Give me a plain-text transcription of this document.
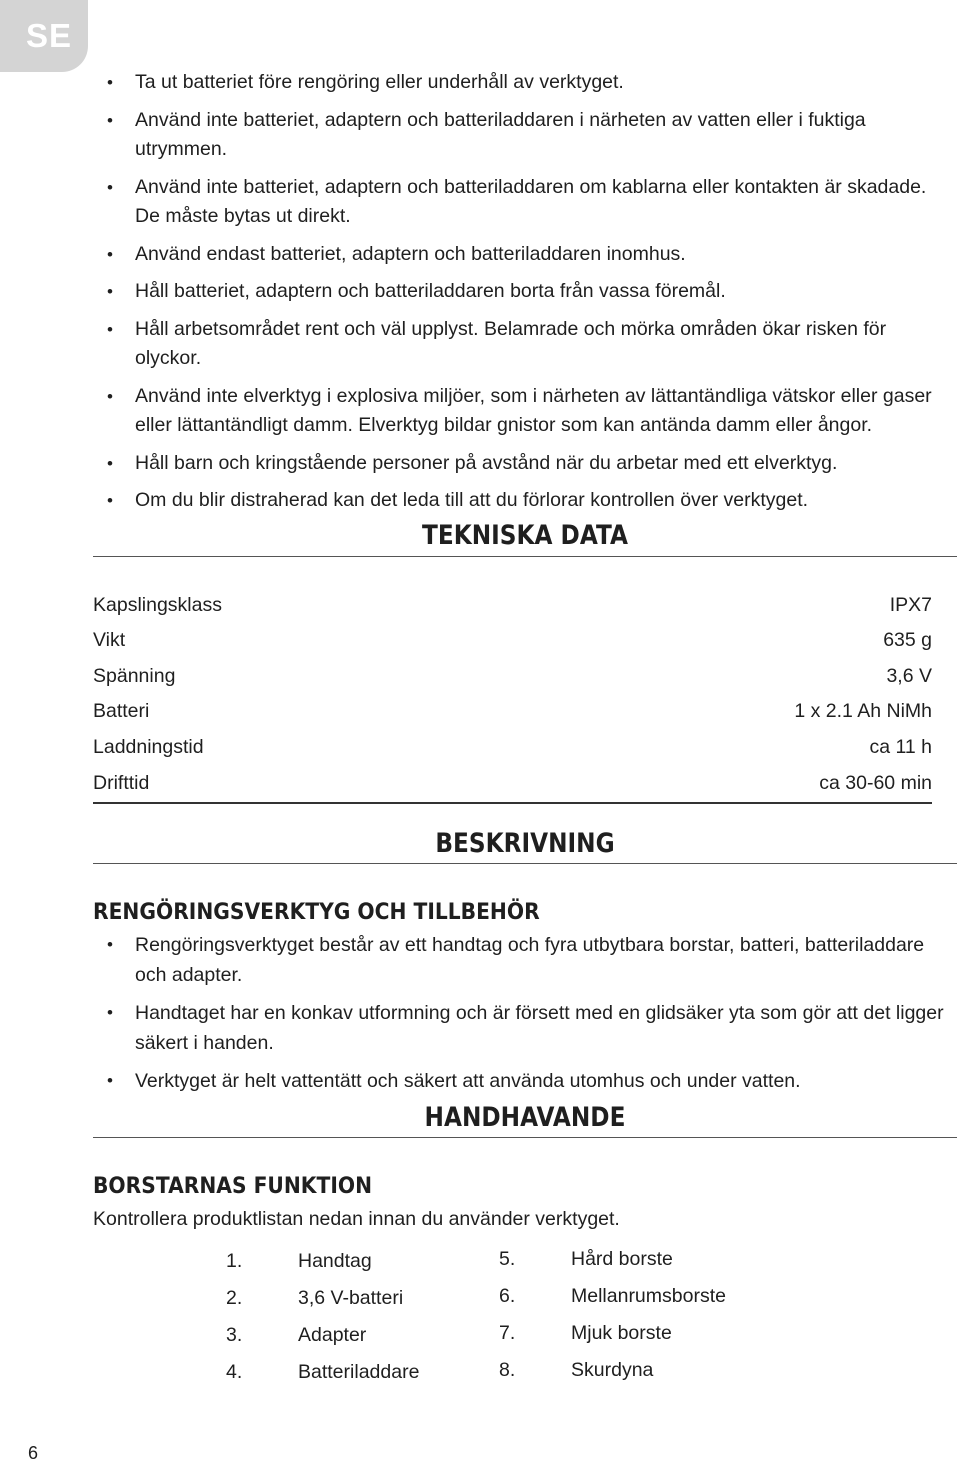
SE
• Ta ut batteriet före rengöring eller underhåll av verktyget.
• Använd inte batteriet, adaptern och batteriladdaren i närheten av vatten eller i fuktiga utrymmen.
• Använd inte batteriet, adaptern och batteriladdaren om kablarna eller kontakten är skadade. De måste bytas ut direkt.
• Använd endast batteriet, adaptern och batteriladdaren inomhus.
• Håll batteriet, adaptern och batteriladdaren borta från vassa föremål.
• Håll arbetsområdet rent och väl upplyst. Belamrade och mörka områden ökar risken för olyckor.
• Använd inte elverktyg i explosiva miljöer, som i närheten av lättantändliga vätskor eller gaser eller lättantändligt damm. Elverktyg bildar gnistor som kan antända damm eller ångor.
• Håll barn och kringstående personer på avstånd när du arbetar med ett elverktyg.
• Om du blir distraherad kan det leda till att du förlorar kontrollen över verktyget.
TEKNISKA DATA
Kapslingsklass	IPX7
Vikt	635 g
Spänning	3,6 V
Batteri	1 x 2.1 Ah NiMh
Laddningstid	ca 11 h
Drifttid	ca 30-60 min
BESKRIVNING
RENGÖRINGSVERKTYG OCH TILLBEHÖR
• Rengöringsverktyget består av ett handtag och fyra utbytbara borstar, batteri, batteriladdare och adapter.
• Handtaget har en konkav utformning och är försett med en glidsäker yta som gör att det ligger säkert i handen.
• Verktyget är helt vattentätt och säkert att använda utomhus och under vatten.
HANDHAVANDE
BORSTARNAS FUNKTION
Kontrollera produktlistan nedan innan du använder verktyget.
1.	Handtag
2.	3,6 V-batteri
3.	Adapter
4.	Batteriladdare
5.	Hård borste
6.	Mellanrumsborste
7.	Mjuk borste
8.	Skurdyna
6
